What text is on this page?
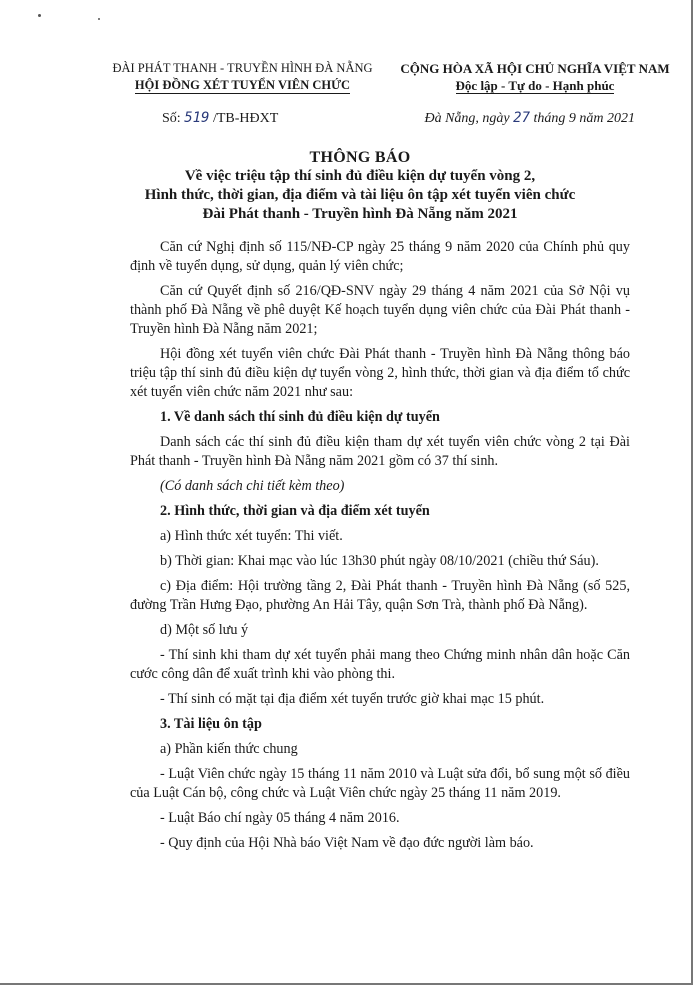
ĐÀI PHÁT THANH - TRUYỀN HÌNH ĐÀ NẴNG
HỘI ĐỒNG XÉT TUYỂN VIÊN CHỨC
CỘNG HÒA XÃ HỘI CHỦ NGHĨA VIỆT NAM
Độc lập - Tự do - Hạnh phúc
Số: 519 /TB-HĐXT	Đà Nẵng, ngày 27 tháng 9 năm 2021
THÔNG BÁO
Về việc triệu tập thí sinh đủ điều kiện dự tuyển vòng 2,
Hình thức, thời gian, địa điểm và tài liệu ôn tập xét tuyển viên chức
Đài Phát thanh - Truyền hình Đà Nẵng năm 2021

Căn cứ Nghị định số 115/NĐ-CP ngày 25 tháng 9 năm 2020 của Chính phủ quy định về tuyển dụng, sử dụng, quản lý viên chức;

Căn cứ Quyết định số 216/QĐ-SNV ngày 29 tháng 4 năm 2021 của Sở Nội vụ thành phố Đà Nẵng về phê duyệt Kế hoạch tuyển dụng viên chức của Đài Phát thanh - Truyền hình Đà Nẵng năm 2021;

Hội đồng xét tuyển viên chức Đài Phát thanh - Truyền hình Đà Nẵng thông báo triệu tập thí sinh đủ điều kiện dự tuyển vòng 2, hình thức, thời gian và địa điểm tổ chức xét tuyển viên chức năm 2021 như sau:

1. Về danh sách thí sinh đủ điều kiện dự tuyển

Danh sách các thí sinh đủ điều kiện tham dự xét tuyển viên chức vòng 2 tại Đài Phát thanh - Truyền hình Đà Nẵng năm 2021 gồm có 37 thí sinh.

(Có danh sách chi tiết kèm theo)

2. Hình thức, thời gian và địa điểm xét tuyển

a) Hình thức xét tuyển: Thi viết.

b) Thời gian: Khai mạc vào lúc 13h30 phút ngày 08/10/2021 (chiều thứ Sáu).

c) Địa điểm: Hội trường tầng 2, Đài Phát thanh - Truyền hình Đà Nẵng (số 525, đường Trần Hưng Đạo, phường An Hải Tây, quận Sơn Trà, thành phố Đà Nẵng).

d) Một số lưu ý

- Thí sinh khi tham dự xét tuyển phải mang theo Chứng minh nhân dân hoặc Căn cước công dân để xuất trình khi vào phòng thi.

- Thí sinh có mặt tại địa điểm xét tuyển trước giờ khai mạc 15 phút.

3. Tài liệu ôn tập

a) Phần kiến thức chung

- Luật Viên chức ngày 15 tháng 11 năm 2010 và Luật sửa đổi, bổ sung một số điều của Luật Cán bộ, công chức và Luật Viên chức ngày 25 tháng 11 năm 2019.

- Luật Báo chí ngày 05 tháng 4 năm 2016.

- Quy định của Hội Nhà báo Việt Nam về đạo đức người làm báo.
